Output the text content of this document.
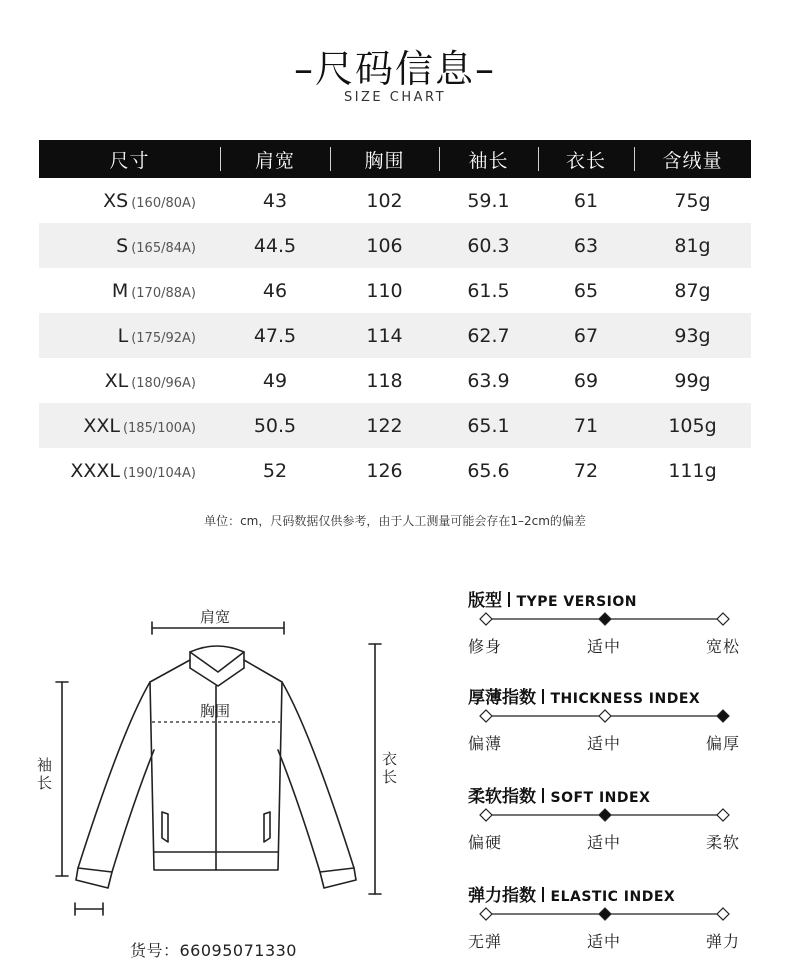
–尺码信息–
SIZE CHART
尺寸	肩宽	胸围	袖长	衣长	含绒量
XS (160/80A)	43	102	59.1	61	75g
S (165/84A)	44.5	106	60.3	63	81g
M (170/88A)	46	110	61.5	65	87g
L (175/92A)	47.5	114	62.7	67	93g
XL (180/96A)	49	118	63.9	69	99g
XXL (185/100A)	50.5	122	65.1	71	105g
XXXL (190/104A)	52	126	65.6	72	111g
单位：cm，尺码数据仅供参考，由于人工测量可能会存在1–2cm的偏差
肩宽
胸围
袖长
衣长
货号：66095071330
版型 TYPE VERSION
修身	适中	宽松
厚薄指数 THICKNESS INDEX
偏薄	适中	偏厚
柔软指数 SOFT INDEX
偏硬	适中	柔软
弹力指数 ELASTIC INDEX
无弹	适中	弹力
